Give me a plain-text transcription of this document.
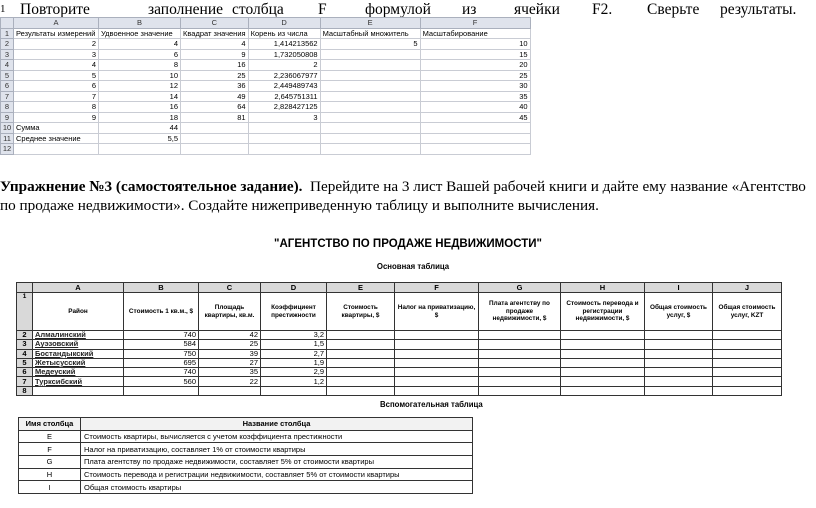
1 Повторите	заполнение столбца F формулой из ячейки F2. Сверьте результаты.
	A	B	C	D	E	F
1	Результаты измерений	Удвоенное значение	Квадрат значения	Корень из числа	Масштабный множитель	Масштабирование
2	2	4	4	1,414213562	5	10
3	3	6	9	1,732050808		15
4	4	8	16	2		20
5	5	10	25	2,236067977		25
6	6	12	36	2,449489743		30
7	7	14	49	2,645751311		35
8	8	16	64	2,828427125		40
9	9	18	81	3		45
10	Сумма	44				
11	Среднее значение	5,5				
12						
Упражнение №3 (самостоятельное задание). Перейдите на 3 лист Вашей рабочей книги и дайте ему название «Агентство по продаже недвижимости». Создайте нижеприведенную таблицу и выполните вычисления.
"АГЕНТСТВО ПО ПРОДАЖЕ НЕДВИЖИМОСТИ"
Основная таблица
	A	B	C	D	E	F	G	H	I	J
1	Район	Стоимость 1 кв.м., $	Площадь квартиры, кв.м.	Коэффициент престижности	Стоимость квартиры, $	Налог на приватизацию, $	Плата агентству по продаже недвижимости, $	Стоимость перевода и регистрации недвижимости, $	Общая стоимость услуг, $	Общая стоимость услуг, KZT
2	Алмалинский	740	42	3,2						
3	Ауэзовский	584	25	1,5						
4	Бостандыкский	750	39	2,7						
5	Жетысусский	695	27	1,9						
6	Медеуский	740	35	2,9						
7	Турксибский	560	22	1,2						
8										
Вспомогательная таблица
Имя столбца	Название столбца
E	Стоимость квартиры, вычисляется с учетом коэффициента престижности
F	Налог на приватизацию, составляет 1% от стоимости квартиры
G	Плата агентству по продаже недвижимости, составляет 5% от стоимости квартиры
H	Стоимость перевода и регистрации недвижимости, составляет 5% от стоимости квартиры
I	Общая стоимость квартиры
